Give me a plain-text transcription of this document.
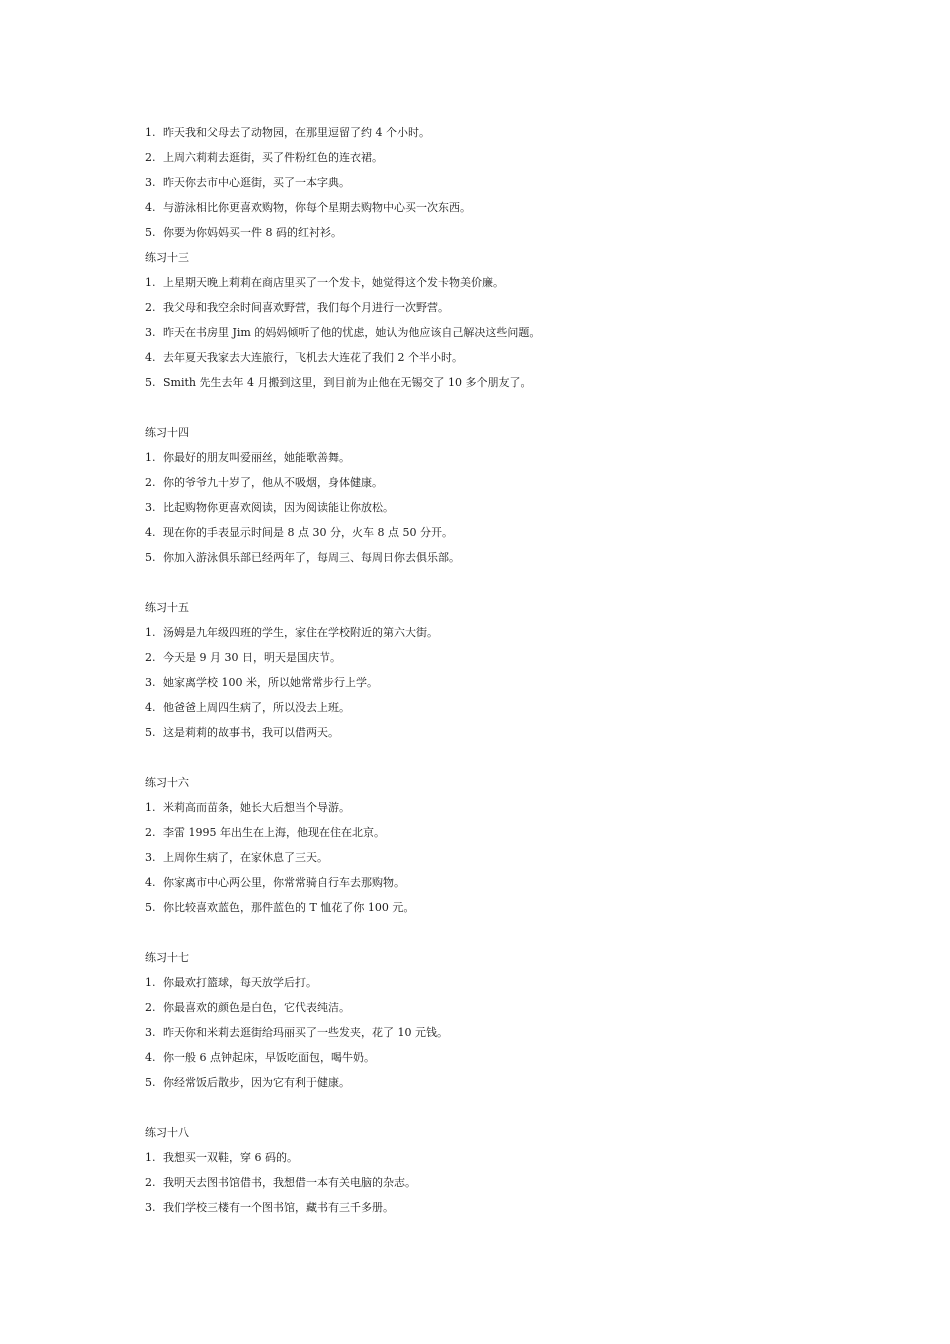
1. 昨天我和父母去了动物园，在那里逗留了约 4 个小时。
2. 上周六莉莉去逛街，买了件粉红色的连衣裙。
3. 昨天你去市中心逛街，买了一本字典。
4. 与游泳相比你更喜欢购物，你每个星期去购物中心买一次东西。
5. 你要为你妈妈买一件 8 码的红衬衫。
练习十三
1. 上星期天晚上莉莉在商店里买了一个发卡，她觉得这个发卡物美价廉。
2. 我父母和我空余时间喜欢野营，我们每个月进行一次野营。
3. 昨天在书房里 Jim 的妈妈倾听了他的忧虑，她认为他应该自己解决这些问题。
4. 去年夏天我家去大连旅行，飞机去大连花了我们 2 个半小时。
5. Smith 先生去年 4 月搬到这里，到目前为止他在无锡交了 10 多个朋友了。
练习十四
1. 你最好的朋友叫爱丽丝，她能歌善舞。
2. 你的爷爷九十岁了，他从不吸烟，身体健康。
3. 比起购物你更喜欢阅读，因为阅读能让你放松。
4. 现在你的手表显示时间是 8 点 30 分，火车 8 点 50 分开。
5. 你加入游泳俱乐部已经两年了，每周三、每周日你去俱乐部。
练习十五
1. 汤姆是九年级四班的学生，家住在学校附近的第六大街。
2. 今天是 9 月 30 日，明天是国庆节。
3. 她家离学校 100 米，所以她常常步行上学。
4. 他爸爸上周四生病了，所以没去上班。
5. 这是莉莉的故事书，我可以借两天。
练习十六
1. 米莉高而苗条，她长大后想当个导游。
2. 李雷 1995 年出生在上海，他现在住在北京。
3. 上周你生病了，在家休息了三天。
4. 你家离市中心两公里，你常常骑自行车去那购物。
5. 你比较喜欢蓝色，那件蓝色的 T 恤花了你 100 元。
练习十七
1. 你最欢打篮球，每天放学后打。
2. 你最喜欢的颜色是白色，它代表纯洁。
3. 昨天你和米莉去逛街给玛丽买了一些发夹，花了 10 元钱。
4. 你一般 6 点钟起床，早饭吃面包，喝牛奶。
5. 你经常饭后散步，因为它有利于健康。
练习十八
1. 我想买一双鞋，穿 6 码的。
2. 我明天去图书馆借书，我想借一本有关电脑的杂志。
3. 我们学校三楼有一个图书馆，藏书有三千多册。
